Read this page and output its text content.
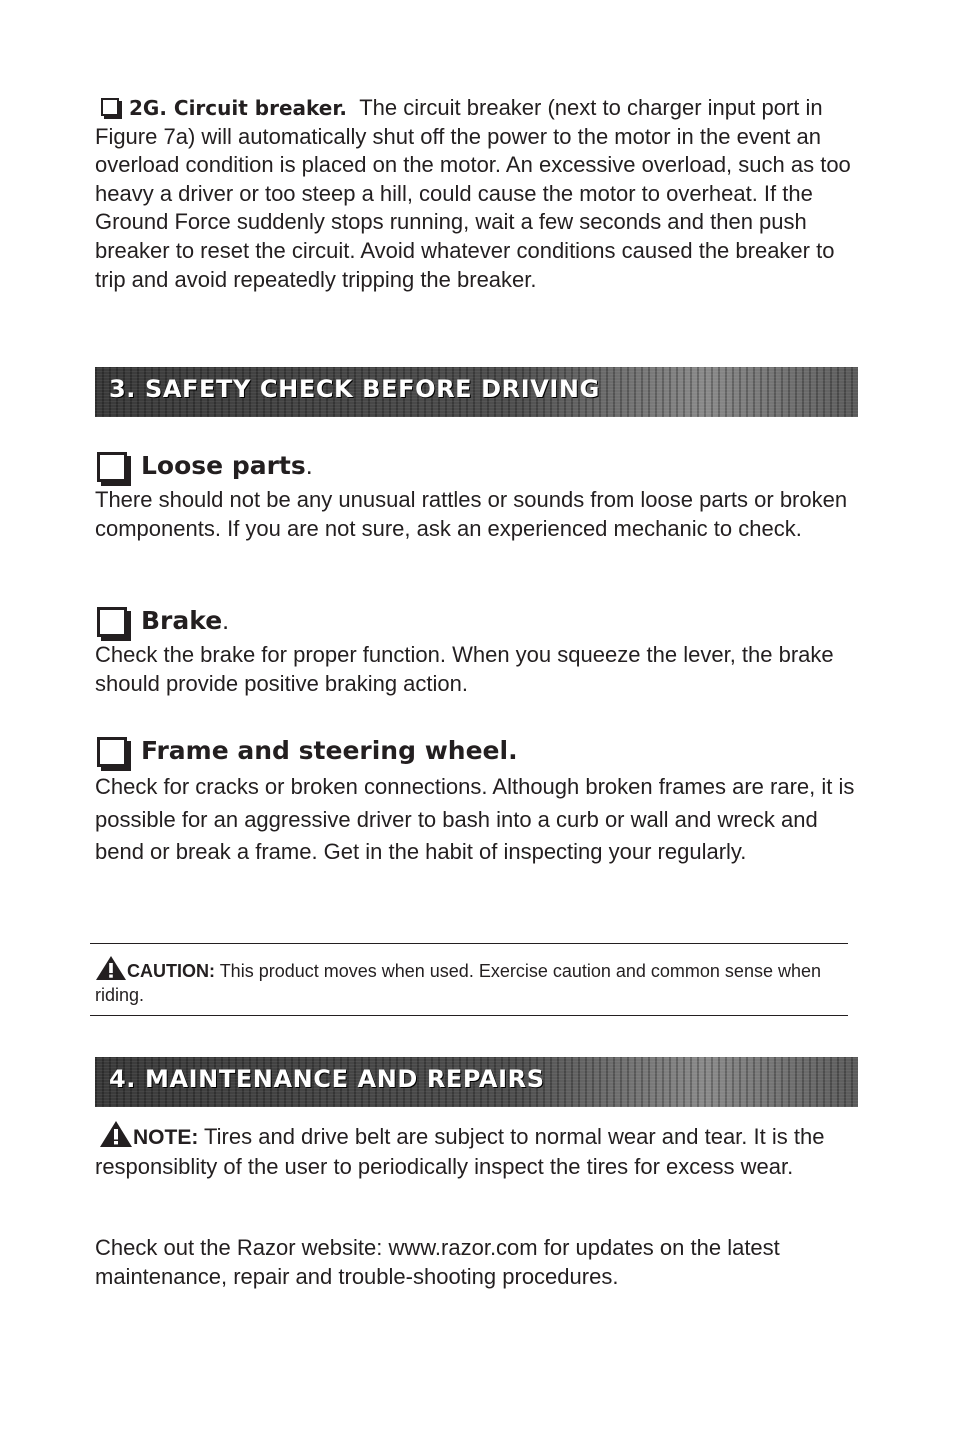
2G. Circuit breaker. The circuit breaker (next to charger input port in Figure 7a) will automatically shut off the power to the motor in the event an overload condition is placed on the motor. An excessive overload, such as too heavy a driver or too steep a hill, could cause the motor to overheat. If the Ground Force suddenly stops running, wait a few seconds and then push breaker to reset the circuit. Avoid whatever conditions caused the breaker to trip and avoid repeatedly tripping the breaker.
3. SAFETY CHECK BEFORE DRIVING
Loose parts.
There should not be any unusual rattles or sounds from loose parts or broken components. If you are not sure, ask an experienced mechanic to check.
Brake.
Check the brake for proper function. When you squeeze the lever, the brake should provide positive braking action.
Frame and steering wheel.
Check for cracks or broken connections. Although broken frames are rare, it is possible for an aggressive driver to bash into a curb or wall and wreck and bend or break a frame. Get in the habit of inspecting your regularly.
CAUTION: This product moves when used. Exercise caution and common sense when riding.
4. MAINTENANCE AND REPAIRS
NOTE: Tires and drive belt are subject to normal wear and tear. It is the responsiblity of the user to periodically inspect the tires for excess wear.
Check out the Razor website: www.razor.com for updates on the latest maintenance, repair and trouble-shooting procedures.
